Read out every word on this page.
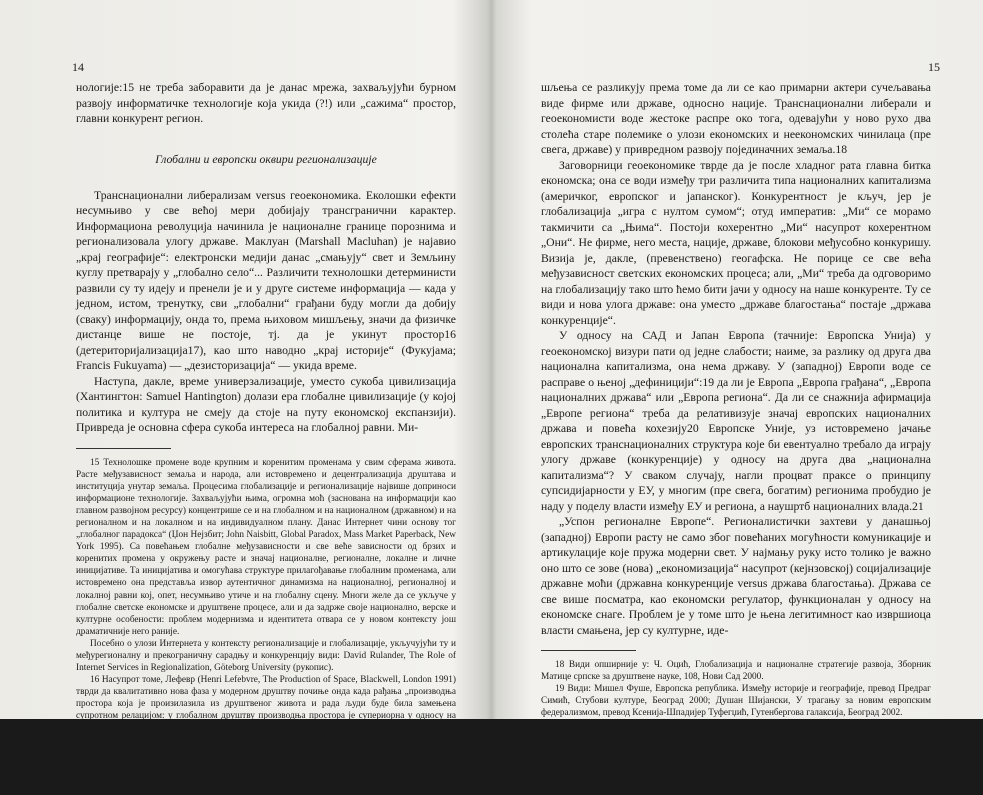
14

нологије:15 не треба заборавити да је данас мрежа, захваљујући бурном развоју информатичке технологије која укида (?!) или „сажима“ простор, главни конкурент регион.

Глобални и европски оквири регионализације

Транснационални либерализам versus геоекономика. Еколошки ефекти несумњиво у све већој мери добијају трансгранични карактер. Информациона револуција начинила је националне границе порознима и регионализовала улогу државе. Маклуан (Marshall Macluhan) је најавио „крај географије“: електронски медији данас „смањују“ свет и Земљину куглу претварају у „глобално село“... Различити технолошки детерминисти развили су ту идеју и пренели је и у друге системе информација — када у једном, истом, тренутку, сви „глобални“ грађани буду могли да добију (сваку) информацију, онда то, према њиховом мишљењу, значи да физичке дистанце више не постоје, тј. да је укинут простор16 (детериторијализација17), као што наводно „крај историје“ (Фукујама; Francis Fukuyama) — „дезисторизација“ — укида време.

Наступа, дакле, време универзализације, уместо сукоба цивилизација (Хантингтон: Samuel Hantington) долази ера глобалне цивилизације (у којој политика и култура не смеју да стоје на путу економској експанзији). Привреда је основна сфера сукоба интереса на глобалној равни. Ми-

15 Технолошке промене воде крупним и коренитим променама у свим сферама живота. Расте међузависност земаља и народа, али истовремено и децентрализација друштава и институција унутар земаља. Процесима глобализације и регионализације највише доприноси информационе технологије. Захваљујући њима, огромна моћ (заснована на информацији као главном развојном ресурсу) концентрише се и на глобалном и на националном (државном) и на регионалном и на локалном и на индивидуалном плану. Данас Интернет чини основу тог „глобалног парадокса“ (Џон Нејзбит; John Naisbitt, Global Paradox, Mass Market Paperback, New York 1995). Са повећањем глобалне међузависности и све веће зависности од брзих и коренитих промена у окружењу расте и значај националне, регионалне, локалне и личне иницијативе. Та иницијатива и омогућава структуре прилагођавање глобалним променама, али истовремено она представља извор аутентичног динамизма на националној, регионалној и локалној равни кој, опет, несумњиво утиче и на глобалну сцену. Многи желе да се укључе у глобалне светске економске и друштвене процесе, али и да задрже своје национално, верске и културне особености: проблем модернизма и идентитета отвара се у новом контексту још драматичније него раније.

Посебно о улози Интернета у контексту регионализације и глобализације, укључујући ту и међурегионалну и прекограничну сарадњу и конкуренцију види: David Rulander, The Role of Internet Services in Regionalization, Göteborg University (рукопис).

16 Насупрот томе, Лефевр (Henri Lefebvre, The Production of Space, Blackwell, London 1991) тврди да квалитативно нова фаза у модерном друштву почиње онда када рађања „производња простора која је произилазила из друштвеног живота и рада људи буде била замењена супротном релацијом: у глобалном друштву производња простора је супериорна у односу на друге производње!“ Можда расправа о новим регионалним и супранационалним подела, крупне инвестиције у комуникациону инфраструктуру, као и ово Лефеврово и друга испитивања значења (и значаја) простора, треба да се сматрају потврдом, а истовремено и везом ове трансформације.

17 Парадоксално је да све већу „теријску“ релативизацију улоге територије прати све већа борба — чак ратови — за територије.

15

шљења се разликују према томе да ли се као примарни актери сучељавања виде фирме или државе, односно нације. Транснационални либерали и геоекономисти воде жестоке распре око тога, одевајући у ново рухо два столећа старе полемике о улози економских и неекономских чинилаца (пре свега, државе) у привредном развоју појединачних земаља.18

Заговорници геоекономике тврде да је после хладног рата главна битка економска; она се води између три различита типа националних капитализма (америчког, европског и јапанског). Конкурентност је кључ, јер је глобализација „игра с нултом сумом“; отуд императив: „Ми“ се морамо такмичити са „Њима“. Постоји кохерентно „Ми“ насупрот кохерентном „Они“. Не фирме, него места, нације, државе, блокови међусобно конкуришу. Визија је, дакле, (превенствено) геогафска. Не порице се све већа међузависност светских економских процеса; али, „Ми“ треба да одговоримо на глобализацију тако што ћемо бити јачи у односу на наше конкуренте. Ту се види и нова улога државе: она уместо „државе благостања“ постаје „држава конкуренције“.

У односу на САД и Јапан Европа (тачније: Европска Унија) у геоекономској визури пати од једне слабости; наиме, за разлику од друга два национална капитализма, она нема државу. У (западној) Европи воде се расправе о њеној „дефиницији“:19 да ли је Европа „Европа грађана“, „Европа националних држава“ или „Европа региона“. Да ли се снажнија афирмација „Европе региона“ треба да релативизује значај европских националних држава и повећа кохезију20 Европске Уније, уз истовремено јачање европских транснационалних структура које би евентуално требало да играју улогу државе (конкуренције) у односу на друга два „национална капитализма“? У сваком случају, нагли процват праксе о принципу супсидијарности у ЕУ, у многим (пре свега, богатим) регионима пробудио је наду у поделу власти између ЕУ и региона, а наушртб националних влада.21

„Успон регионалне Европе“. Регионалистички захтеви у данашњој (западној) Европи расту не само због повећаних могућности комуникације и артикулације које пружа модерни свет. У најмању руку исто толико је важно оно што се зове (нова) „економизација“ насупрот (кејнзовској) социјализације државне моћи (државна конкуренције versus држава благостања). Држава се све више посматра, као економски регулатор, функционалан у односу на економске снаге. Проблем је у томе што је њена легитимност као извршиоца власти смањена, јер су културне, иде-

18 Види опширније у: Ч. Оцић, Глобализација и националне стратегије развоја, Зборник Матице српске за друштвене науке, 108, Нови Сад 2000.

19 Види: Мишел Фуше, Европска република. Између историје и географије, превод Предраг Симић, Стубови културе, Београд 2000; Душан Шијански, У трагању за новим европским федерализмом, превод Ксенија-Шпадијер Туфегџић, Гутенбергова галаксија, Београд 2002.

20 Регионална политика у ЕУ се назива „кохезиона политика“. Види: Sjef Ederveen, Joeri Gorter, Ruud de Mooij & Richard Nahuis, Funds and Games. The Economics of European Cohesion Policy (rukopis).

21 Види: Antonio Estella De Noriega, The EU Principle of Subsidiarity and Its Critique, Oxford University Press, Oxford 2002.
